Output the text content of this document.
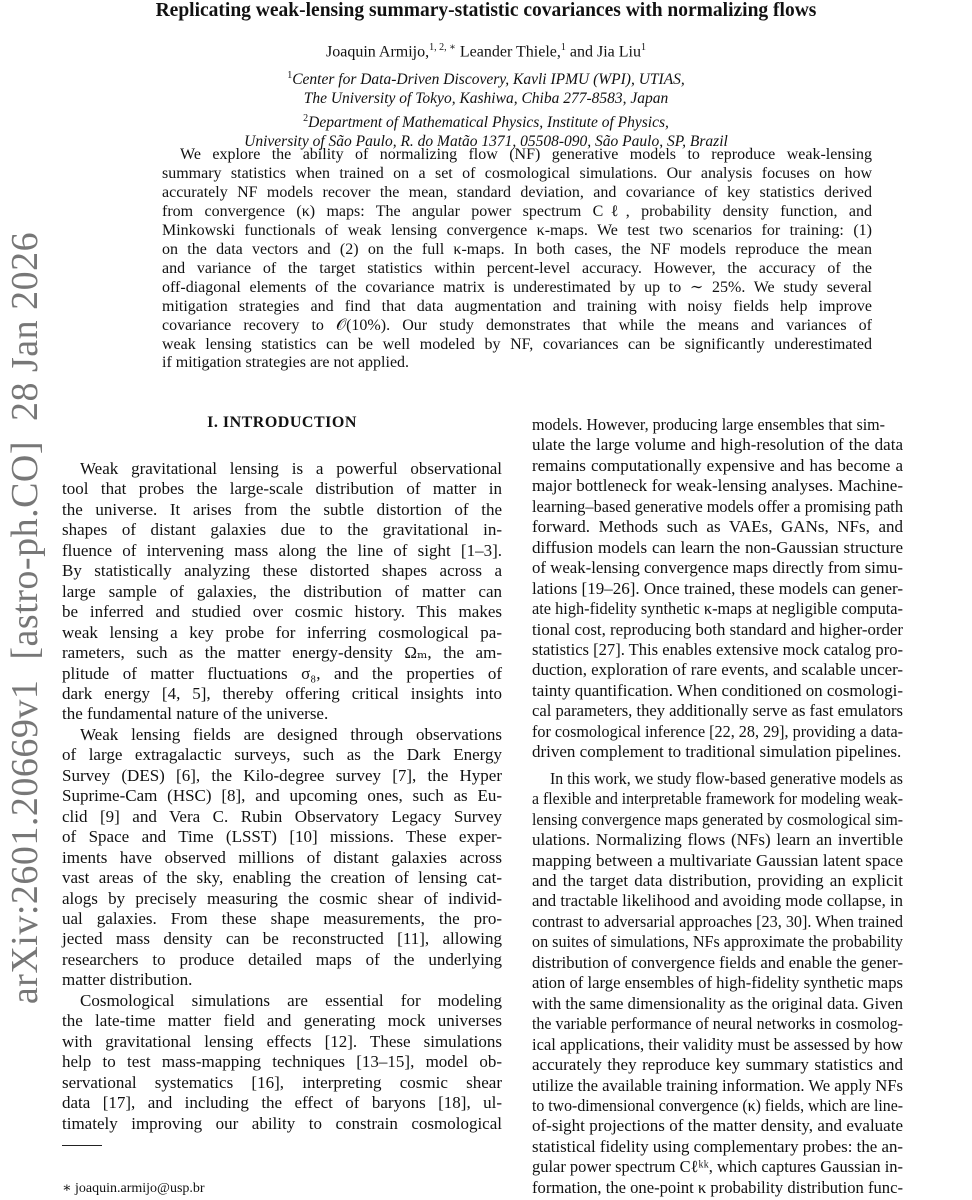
arXiv:2601.20669v1  [astro-ph.CO]  28 Jan 2026
Replicating weak-lensing summary-statistic covariances with normalizing flows
Joaquin Armijo,$^{1, 2, ∗}$ Leander Thiele,$^1$ and Jia Liu$^1$
$^1$Center for Data-Driven Discovery, Kavli IPMU (WPI), UTIAS,
The University of Tokyo, Kashiwa, Chiba 277-8583, Japan
$^2$Department of Mathematical Physics, Institute of Physics,
University of São Paulo, R. do Matão 1371, 05508-090, São Paulo, SP, Brazil
We explore the ability of normalizing flow (NF) generative models to reproduce weak-lensing
summary statistics when trained on a set of cosmological simulations. Our analysis focuses on how
accurately NF models recover the mean, standard deviation, and covariance of key statistics derived
from convergence (κ) maps: The angular power spectrum Cℓ, probability density function, and
Minkowski functionals of weak lensing convergence κ-maps. We test two scenarios for training: (1)
on the data vectors and (2) on the full κ-maps. In both cases, the NF models reproduce the mean
and variance of the target statistics within percent-level accuracy. However, the accuracy of the
off-diagonal elements of the covariance matrix is underestimated by up to ∼ 25%. We study several
mitigation strategies and find that data augmentation and training with noisy fields help improve
covariance recovery to 𝒪(10%). Our study demonstrates that while the means and variances of
weak lensing statistics can be well modeled by NF, covariances can be significantly underestimated
if mitigation strategies are not applied.
I. INTRODUCTION
Weak gravitational lensing is a powerful observational
tool that probes the large-scale distribution of matter in
the universe. It arises from the subtle distortion of the
shapes of distant galaxies due to the gravitational in-
fluence of intervening mass along the line of sight [1–3].
By statistically analyzing these distorted shapes across a
large sample of galaxies, the distribution of matter can
be inferred and studied over cosmic history. This makes
weak lensing a key probe for inferring cosmological pa-
rameters, such as the matter energy-density Ωₘ, the am-
plitude of matter fluctuations σ₈, and the properties of
dark energy [4, 5], thereby offering critical insights into
the fundamental nature of the universe.
Weak lensing fields are designed through observations
of large extragalactic surveys, such as the Dark Energy
Survey (DES) [6], the Kilo-degree survey [7], the Hyper
Suprime-Cam (HSC) [8], and upcoming ones, such as Eu-
clid [9] and Vera C. Rubin Observatory Legacy Survey
of Space and Time (LSST) [10] missions. These exper-
iments have observed millions of distant galaxies across
vast areas of the sky, enabling the creation of lensing cat-
alogs by precisely measuring the cosmic shear of individ-
ual galaxies. From these shape measurements, the pro-
jected mass density can be reconstructed [11], allowing
researchers to produce detailed maps of the underlying
matter distribution.
Cosmological simulations are essential for modeling
the late-time matter field and generating mock universes
with gravitational lensing effects [12]. These simulations
help to test mass-mapping techniques [13–15], model ob-
servational systematics [16], interpreting cosmic shear
data [17], and including the effect of baryons [18], ul-
timately improving our ability to constrain cosmological
models. However, producing large ensembles that sim-
ulate the large volume and high-resolution of the data
remains computationally expensive and has become a
major bottleneck for weak-lensing analyses. Machine-
learning–based generative models offer a promising path
forward. Methods such as VAEs, GANs, NFs, and
diffusion models can learn the non-Gaussian structure
of weak-lensing convergence maps directly from simu-
lations [19–26]. Once trained, these models can gener-
ate high-fidelity synthetic κ-maps at negligible computa-
tional cost, reproducing both standard and higher-order
statistics [27]. This enables extensive mock catalog pro-
duction, exploration of rare events, and scalable uncer-
tainty quantification. When conditioned on cosmologi-
cal parameters, they additionally serve as fast emulators
for cosmological inference [22, 28, 29], providing a data-
driven complement to traditional simulation pipelines.
In this work, we study flow-based generative models as
a flexible and interpretable framework for modeling weak-
lensing convergence maps generated by cosmological sim-
ulations. Normalizing flows (NFs) learn an invertible
mapping between a multivariate Gaussian latent space
and the target data distribution, providing an explicit
and tractable likelihood and avoiding mode collapse, in
contrast to adversarial approaches [23, 30]. When trained
on suites of simulations, NFs approximate the probability
distribution of convergence fields and enable the gener-
ation of large ensembles of high-fidelity synthetic maps
with the same dimensionality as the original data. Given
the variable performance of neural networks in cosmolog-
ical applications, their validity must be assessed by how
accurately they reproduce key summary statistics and
utilize the available training information. We apply NFs
to two-dimensional convergence (κ) fields, which are line-
of-sight projections of the matter density, and evaluate
statistical fidelity using complementary probes: the an-
gular power spectrum Cℓᵏᵏ, which captures Gaussian in-
formation, the one-point κ probability distribution func-
∗ joaquin.armijo@usp.br
